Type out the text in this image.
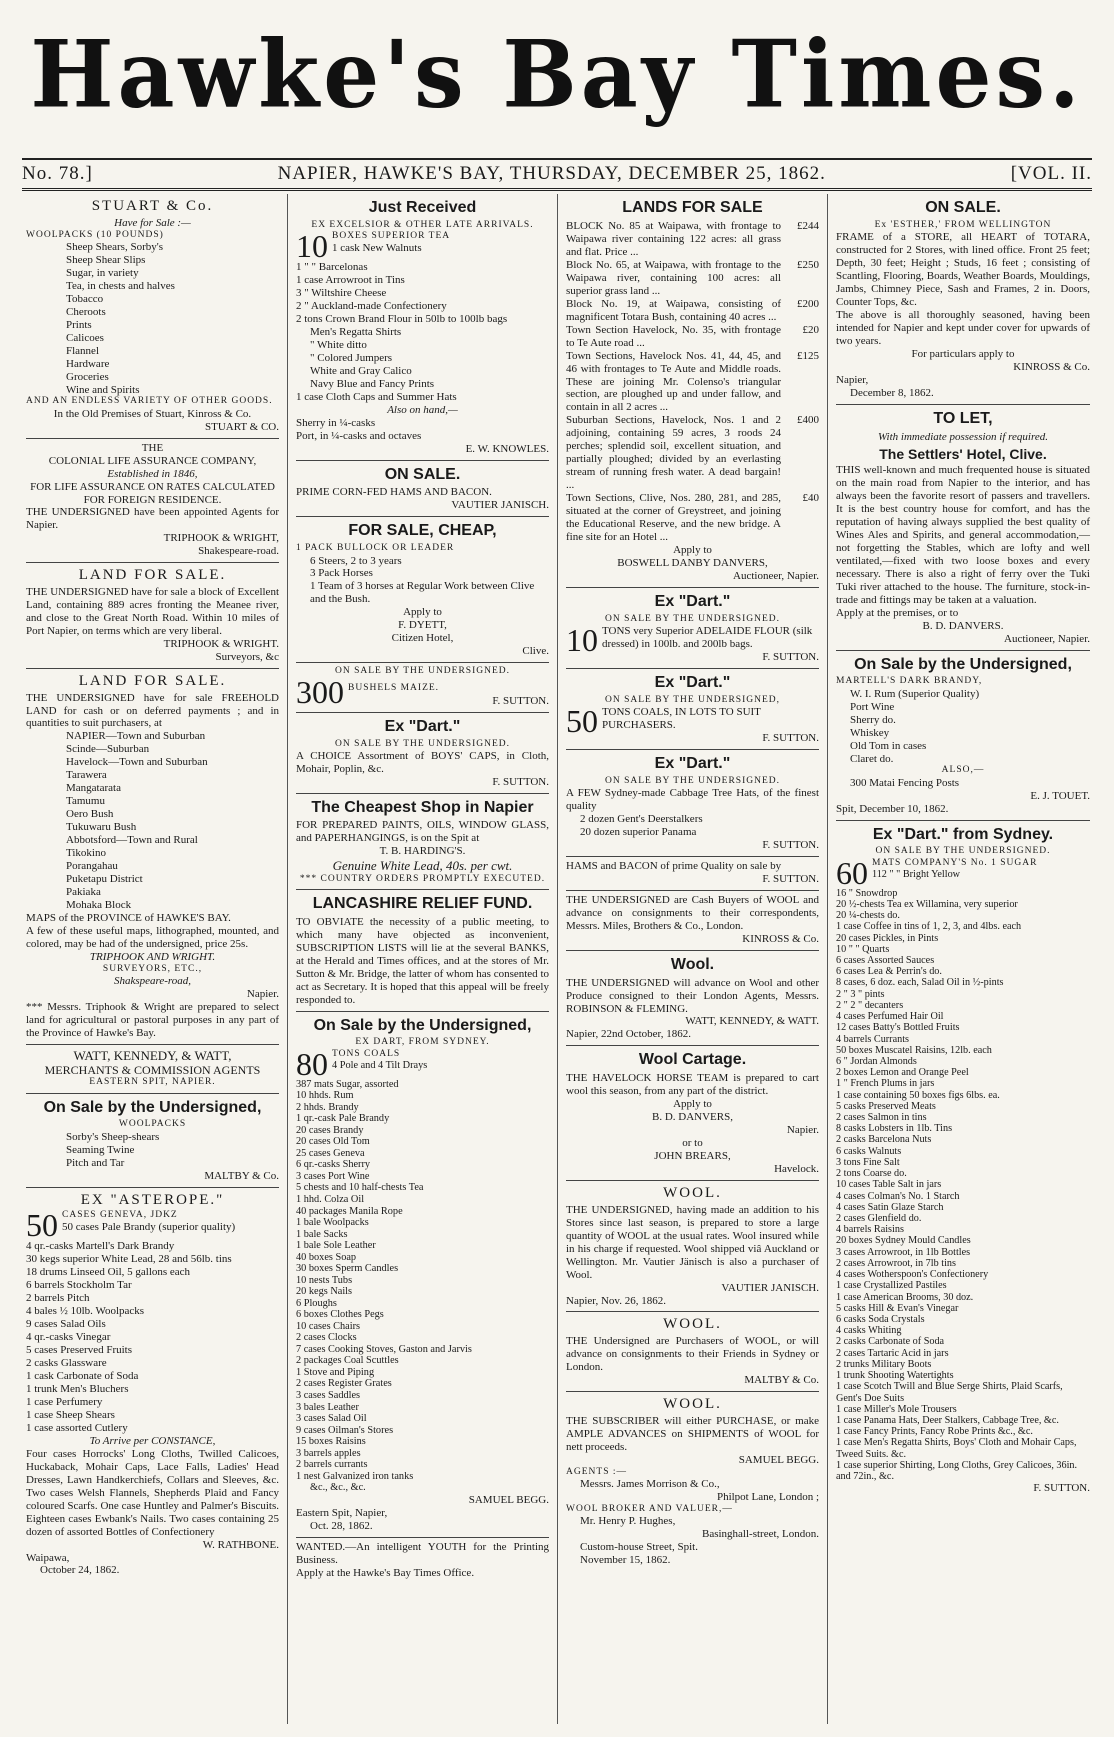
Hawke's Bay Times.
No. 78.]	NAPIER, HAWKE'S BAY, THURSDAY, DECEMBER 25, 1862.	[VOL. II.
STUART & Co.
Have for Sale :—
WOOLPACKS (10 POUNDS)
Sheep Shears, Sorby's
Sheep Shear Slips
Sugar, in variety
Tea, in chests and halves
Tobacco
Cheroots
Prints
Calicoes
Flannel
Hardware
Groceries
Wine and Spirits
AND AN ENDLESS VARIETY OF OTHER GOODS.
In the Old Premises of Stuart, Kinross & Co.
STUART & CO.
THE
COLONIAL LIFE ASSURANCE COMPANY,
Established in 1846,
FOR LIFE ASSURANCE ON RATES CALCULATED FOR FOREIGN RESIDENCE.
THE UNDERSIGNED have been appointed Agents for Napier.
TRIPHOOK & WRIGHT,
Shakespeare-road.
LAND FOR SALE.
THE UNDERSIGNED have for sale a block of Excellent Land, containing 889 acres fronting the Meanee river, and close to the Great North Road. Within 10 miles of Port Napier, on terms which are very liberal.
TRIPHOOK & WRIGHT.
Surveyors, &c
LAND FOR SALE.
THE UNDERSIGNED have for sale FREEHOLD LAND for cash or on deferred payments ; and in quantities to suit purchasers, at
NAPIER—Town and Suburban
Scinde—Suburban
Havelock—Town and Suburban
Tarawera
Mangatarata
Tamumu
Oero Bush
Tukuwaru Bush
Abbotsford—Town and Rural
Tikokino
Porangahau
Puketapu District
Pakiaka
Mohaka Block
MAPS of the PROVINCE of HAWKE'S BAY.
A few of these useful maps, lithographed, mounted, and colored, may be had of the undersigned, price 25s.
TRIPHOOK AND WRIGHT.
SURVEYORS, ETC.,
Shakspeare-road,
Napier.
*** Messrs. Triphook & Wright are prepared to select land for agricultural or pastoral purposes in any part of the Province of Hawke's Bay.
WATT, KENNEDY, & WATT,
MERCHANTS & COMMISSION AGENTS
EASTERN SPIT, NAPIER.
On Sale by the Undersigned,
WOOLPACKS
Sorby's Sheep-shears
Seaming Twine
Pitch and Tar
MALTBY & Co.
EX "ASTEROPE."
50 CASES GENEVA, JDKZ
50 cases Pale Brandy (superior quality)
4 qr.-casks Martell's Dark Brandy
30 kegs superior White Lead, 28 and 56lb. tins
18 drums Linseed Oil, 5 gallons each
6 barrels Stockholm Tar
2 barrels Pitch
4 bales ½ 10lb. Woolpacks
9 cases Salad Oils
4 qr.-casks Vinegar
5 cases Preserved Fruits
2 casks Glassware
1 cask Carbonate of Soda
1 trunk Men's Bluchers
1 case Perfumery
1 case Sheep Shears
1 case assorted Cutlery
To Arrive per CONSTANCE,
Four cases Horrocks' Long Cloths, Twilled Calicoes, Huckaback, Mohair Caps, Lace Falls, Ladies' Head Dresses, Lawn Handkerchiefs, Collars and Sleeves, &c. Two cases Welsh Flannels, Shepherds Plaid and Fancy coloured Scarfs. One case Huntley and Palmer's Biscuits. Eighteen cases Ewbank's Nails. Two cases containing 25 dozen of assorted Bottles of Confectionery
W. RATHBONE.
Waipawa,
October 24, 1862.
Just Received
EX EXCELSIOR & OTHER LATE ARRIVALS.
10 BOXES SUPERIOR TEA
1 cask New Walnuts
1 " " Barcelonas
1 case Arrowroot in Tins
3 " Wiltshire Cheese
2 " Auckland-made Confectionery
2 tons Crown Brand Flour in 50lb to 100lb bags
Men's Regatta Shirts
" White ditto
" Colored Jumpers
White and Gray Calico
Navy Blue and Fancy Prints
1 case Cloth Caps and Summer Hats
Also on hand,—
Sherry in ¼-casks
Port, in ¼-casks and octaves
E. W. KNOWLES.
ON SALE.
PRIME CORN-FED HAMS AND BACON.
VAUTIER JANISCH.
FOR SALE, CHEAP,
1 PACK BULLOCK OR LEADER
6 Steers, 2 to 3 years
3 Pack Horses
1 Team of 3 horses at Regular Work between Clive and the Bush.
Apply to
F. DYETT,
Citizen Hotel,
Clive.
ON SALE BY THE UNDERSIGNED.
300 BUSHELS MAIZE.
F. SUTTON.
Ex "Dart."
ON SALE BY THE UNDERSIGNED.
A CHOICE Assortment of BOYS' CAPS, in Cloth, Mohair, Poplin, &c.
F. SUTTON.
The Cheapest Shop in Napier
FOR PREPARED PAINTS, OILS, WINDOW GLASS, and PAPERHANGINGS, is on the Spit at
T. B. HARDING'S.
Genuine White Lead, 40s. per cwt.
*** COUNTRY ORDERS PROMPTLY EXECUTED.
LANCASHIRE RELIEF FUND.
TO OBVIATE the necessity of a public meeting, to which many have objected as inconvenient, SUBSCRIPTION LISTS will lie at the several BANKS, at the Herald and Times offices, and at the stores of Mr. Sutton & Mr. Bridge, the latter of whom has consented to act as Secretary. It is hoped that this appeal will be freely responded to.
On Sale by the Undersigned,
EX DART, FROM SYDNEY.
80 TONS COALS
4 Pole and 4 Tilt Drays
387 mats Sugar, assorted
10 hhds. Rum
2 hhds. Brandy
1 qr.-cask Pale Brandy
20 cases Brandy
20 cases Old Tom
25 cases Geneva
6 qr.-casks Sherry
3 cases Port Wine
5 chests and 10 half-chests Tea
1 hhd. Colza Oil
40 packages Manila Rope
1 bale Woolpacks
1 bale Sacks
1 bale Sole Leather
40 boxes Soap
30 boxes Sperm Candles
10 nests Tubs
20 kegs Nails
6 Ploughs
6 boxes Clothes Pegs
10 cases Chairs
2 cases Clocks
7 cases Cooking Stoves, Gaston and Jarvis
2 packages Coal Scuttles
1 Stove and Piping
2 cases Register Grates
3 cases Saddles
3 bales Leather
3 cases Salad Oil
9 cases Oilman's Stores
15 boxes Raisins
3 barrels apples
2 barrels currants
1 nest Galvanized iron tanks
&c., &c., &c.
SAMUEL BEGG.
Eastern Spit, Napier,
Oct. 28, 1862.
WANTED.—An intelligent YOUTH for the Printing Business.
Apply at the Hawke's Bay Times Office.
LANDS FOR SALE
BLOCK No. 85 at Waipawa, with frontage to Waipawa river containing 122 acres: all grass and flat. Price ...
£244
Block No. 65, at Waipawa, with frontage to the Waipawa river, containing 100 acres: all superior grass land ...
£250
Block No. 19, at Waipawa, consisting of magnificent Totara Bush, containing 40 acres ...
£200
Town Section Havelock, No. 35, with frontage to Te Aute road ...
£20
Town Sections, Havelock Nos. 41, 44, 45, and 46 with frontages to Te Aute and Middle roads. These are joining Mr. Colenso's triangular section, are ploughed up and under fallow, and contain in all 2 acres ...
£125
Suburban Sections, Havelock, Nos. 1 and 2 adjoining, containing 59 acres, 3 roods 24 perches; splendid soil, excellent situation, and partially ploughed; divided by an everlasting stream of running fresh water. A dead bargain! ...
£400
Town Sections, Clive, Nos. 280, 281, and 285, situated at the corner of Greystreet, and joining the Educational Reserve, and the new bridge. A fine site for an Hotel ...
£40
Apply to
BOSWELL DANBY DANVERS,
Auctioneer, Napier.
Ex "Dart."
ON SALE BY THE UNDERSIGNED.
10 TONS very Superior ADELAIDE FLOUR (silk dressed) in 100lb. and 200lb bags.
F. SUTTON.
Ex "Dart."
ON SALE BY THE UNDERSIGNED,
50 TONS COALS, IN LOTS TO SUIT PURCHASERS.
F. SUTTON.
Ex "Dart."
ON SALE BY THE UNDERSIGNED.
A FEW Sydney-made Cabbage Tree Hats, of the finest quality
2 dozen Gent's Deerstalkers
20 dozen superior Panama
F. SUTTON.
HAMS and BACON of prime Quality on sale by
F. SUTTON.
THE UNDERSIGNED are Cash Buyers of WOOL and advance on consignments to their correspondents, Messrs. Miles, Brothers & Co., London.
KINROSS & Co.
Wool.
THE UNDERSIGNED will advance on Wool and other Produce consigned to their London Agents, Messrs. ROBINSON & FLEMING.
WATT, KENNEDY, & WATT.
Napier, 22nd October, 1862.
Wool Cartage.
THE HAVELOCK HORSE TEAM is prepared to cart wool this season, from any part of the district.
Apply to
B. D. DANVERS,
Napier.
or to
JOHN BREARS,
Havelock.
WOOL.
THE UNDERSIGNED, having made an addition to his Stores since last season, is prepared to store a large quantity of WOOL at the usual rates. Wool insured while in his charge if requested. Wool shipped viâ Auckland or Wellington. Mr. Vautier Jänisch is also a purchaser of Wool.
VAUTIER JANISCH.
Napier, Nov. 26, 1862.
WOOL.
THE Undersigned are Purchasers of WOOL, or will advance on consignments to their Friends in Sydney or London.
MALTBY & Co.
WOOL.
THE SUBSCRIBER will either PURCHASE, or make AMPLE ADVANCES on SHIPMENTS of WOOL for nett proceeds.
SAMUEL BEGG.
AGENTS :—
Messrs. James Morrison & Co.,
Philpot Lane, London ;
WOOL BROKER AND VALUER,—
Mr. Henry P. Hughes,
Basinghall-street, London.
Custom-house Street, Spit.
November 15, 1862.
ON SALE.
Ex 'ESTHER,' FROM WELLINGTON
FRAME of a STORE, all HEART of TOTARA, constructed for 2 Stores, with lined office. Front 25 feet; Depth, 30 feet; Height ; Studs, 16 feet ; consisting of Scantling, Flooring, Boards, Weather Boards, Mouldings, Jambs, Chimney Piece, Sash and Frames, 2 in. Doors, Counter Tops, &c.
The above is all thoroughly seasoned, having been intended for Napier and kept under cover for upwards of two years.
For particulars apply to
KINROSS & Co.
Napier,
December 8, 1862.
TO LET,
With immediate possession if required.
The Settlers' Hotel, Clive.
THIS well-known and much frequented house is situated on the main road from Napier to the interior, and has always been the favorite resort of passers and travellers. It is the best country house for comfort, and has the reputation of having always supplied the best quality of Wines Ales and Spirits, and general accommodation,—not forgetting the Stables, which are lofty and well ventilated,—fixed with two loose boxes and every necessary. There is also a right of ferry over the Tuki Tuki river attached to the house. The furniture, stock-in-trade and fittings may be taken at a valuation.
Apply at the premises, or to
B. D. DANVERS.
Auctioneer, Napier.
On Sale by the Undersigned,
MARTELL'S DARK BRANDY,
W. I. Rum (Superior Quality)
Port Wine
Sherry do.
Whiskey
Old Tom in cases
Claret do.
ALSO,—
300 Matai Fencing Posts
E. J. TOUET.
Spit, December 10, 1862.
Ex "Dart." from Sydney.
ON SALE BY THE UNDERSIGNED.
60 MATS COMPANY'S No. 1 SUGAR
112 " " Bright Yellow
16 " Snowdrop
20 ½-chests Tea ex Willamina, very superior
20 ¼-chests do.
1 case Coffee in tins of 1, 2, 3, and 4lbs. each
20 cases Pickles, in Pints
10 " " Quarts
6 cases Assorted Sauces
6 cases Lea & Perrin's do.
8 cases, 6 doz. each, Salad Oil in ½-pints
2 " 3 " pints
2 " 2 " decanters
4 cases Perfumed Hair Oil
12 cases Batty's Bottled Fruits
4 barrels Currants
50 boxes Muscatel Raisins, 12lb. each
6 " Jordan Almonds
2 boxes Lemon and Orange Peel
1 " French Plums in jars
1 case containing 50 boxes figs 6lbs. ea.
5 casks Preserved Meats
2 cases Salmon in tins
8 casks Lobsters in 1lb. Tins
2 casks Barcelona Nuts
6 casks Walnuts
3 tons Fine Salt
2 tons Coarse do.
10 cases Table Salt in jars
4 cases Colman's No. 1 Starch
4 cases Satin Glaze Starch
2 cases Glenfield do.
4 barrels Raisins
20 boxes Sydney Mould Candles
3 cases Arrowroot, in 1lb Bottles
2 cases Arrowroot, in 7lb tins
4 cases Wotherspoon's Confectionery
1 case Crystallized Pastiles
1 case American Brooms, 30 doz.
5 casks Hill & Evan's Vinegar
6 casks Soda Crystals
4 casks Whiting
2 casks Carbonate of Soda
2 cases Tartaric Acid in jars
2 trunks Military Boots
1 trunk Shooting Watertights
1 case Scotch Twill and Blue Serge Shirts, Plaid Scarfs, Gent's Doe Suits
1 case Miller's Mole Trousers
1 case Panama Hats, Deer Stalkers, Cabbage Tree, &c.
1 case Fancy Prints, Fancy Robe Prints &c., &c.
1 case Men's Regatta Shirts, Boys' Cloth and Mohair Caps, Tweed Suits. &c.
1 case superior Shirting, Long Cloths, Grey Calicoes, 36in. and 72in., &c.
F. SUTTON.
